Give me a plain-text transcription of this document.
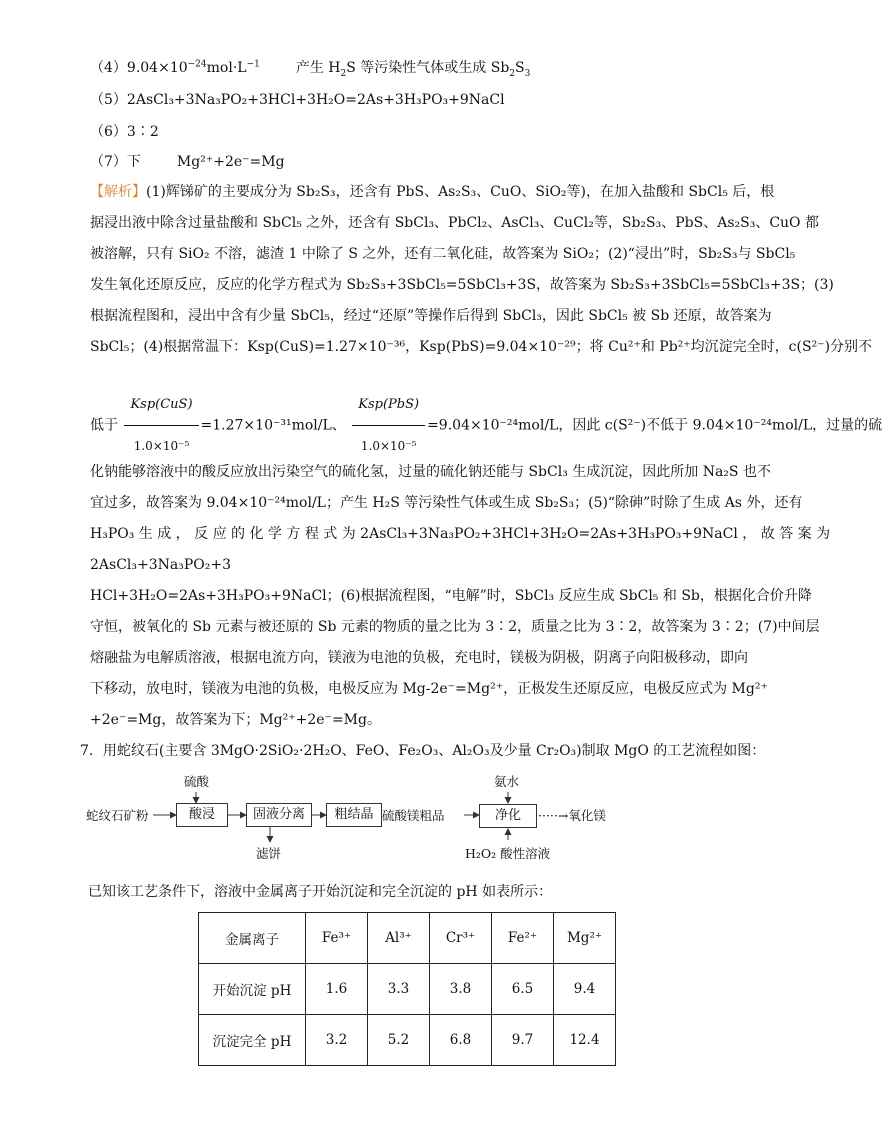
$(4)9.04\times 10^{-24}mol\cdot L^{-1}$	产生 $H_2S$ 等污染性气体或生成 $Sb_2S_3$
（5）2AsCl₃+3Na₃PO₂+3HCl+3H₂O=2As+3H₃PO₃+9NaCl
（6）3∶2
（7）下	Mg²⁺+2e⁻=Mg
【解析】(1)辉锑矿的主要成分为 Sb₂S₃，还含有 PbS、As₂S₃、CuO、SiO₂等)，在加入盐酸和 SbCl₅ 后，根
据浸出液中除含过量盐酸和 SbCl₅ 之外，还含有 SbCl₃、PbCl₂、AsCl₃、CuCl₂等，Sb₂S₃、PbS、As₂S₃、CuO 都
被溶解，只有 SiO₂ 不溶，滤渣 1 中除了 S 之外，还有二氧化硅，故答案为 SiO₂；(2)“浸出”时，Sb₂S₃与 SbCl₅
发生氧化还原反应，反应的化学方程式为 Sb₂S₃+3SbCl₅=5SbCl₃+3S，故答案为 Sb₂S₃+3SbCl₅=5SbCl₃+3S；(3)
根据流程图和，浸出中含有少量 SbCl₅，经过“还原”等操作后得到 SbCl₃，因此 SbCl₅ 被 Sb 还原，故答案为
SbCl₅；(4)根据常温下：Ksp(CuS)=1.27×10⁻³⁶，Ksp(PbS)=9.04×10⁻²⁹；将 Cu²⁺和 Pb²⁺均沉淀完全时，c(S²⁻)分别不
低于 $\frac{\text{Ksp(CuS)}}{\text{1.0×10⁻⁵}} =1.27\times 10^{-31}mol/L$、 $\frac{\text{Ksp(PbS)}}{\text{1.0×10⁻⁵}} =9.04\times 10^{-24}mol/L$，因此 c(S²⁻)不低于 9.04×10⁻²⁴mol/L，过量的硫
化钠能够溶液中的酸反应放出污染空气的硫化氢，过量的硫化钠还能与 SbCl₃ 生成沉淀，因此所加 Na₂S 也不
宜过多，故答案为 9.04×10⁻²⁴mol/L；产生 H₂S 等污染性气体或生成 Sb₂S₃；(5)“除砷”时除了生成 As 外，还有
H₃PO₃ 生 成 ， 反 应 的 化 学 方 程 式 为 2AsCl₃+3Na₃PO₂+3HCl+3H₂O=2As+3H₃PO₃+9NaCl ， 故 答 案 为
2AsCl₃+3Na₃PO₂+3
HCl+3H₂O=2As+3H₃PO₃+9NaCl；(6)根据流程图，“电解”时，SbCl₃ 反应生成 SbCl₅ 和 Sb，根据化合价升降
守恒，被氧化的 Sb 元素与被还原的 Sb 元素的物质的量之比为 3∶2，质量之比为 3∶2，故答案为 3∶2；(7)中间层
熔融盐为电解质溶液，根据电流方向，镁液为电池的负极，充电时，镁极为阴极，阴离子向阳极移动，即向
下移动，放电时，镁液为电池的负极，电极反应为 Mg-2e⁻=Mg²⁺，正极发生还原反应，电极反应式为 Mg²⁺
+2e⁻=Mg，故答案为下；Mg²⁺+2e⁻=Mg。
7．用蛇纹石(主要含 3MgO·2SiO₂·2H₂O、FeO、Fe₂O₃、Al₂O₃及少量 Cr₂O₃)制取 MgO 的工艺流程如图：
蛇纹石矿粉
硫酸
酸浸	固液分离
滤饼
粗结晶 硫酸镁粗品
氨水
净化	·····→氧化镁
H₂O₂ 酸性溶液
已知该工艺条件下，溶液中金属离子开始沉淀和完全沉淀的 pH 如表所示：
金属离子	Fe³⁺	Al³⁺	Cr³⁺	Fe²⁺	Mg²⁺
开始沉淀 pH	1.6	3.3	3.8	6.5	9.4
沉淀完全 pH	3.2	5.2	6.8	9.7	12.4
